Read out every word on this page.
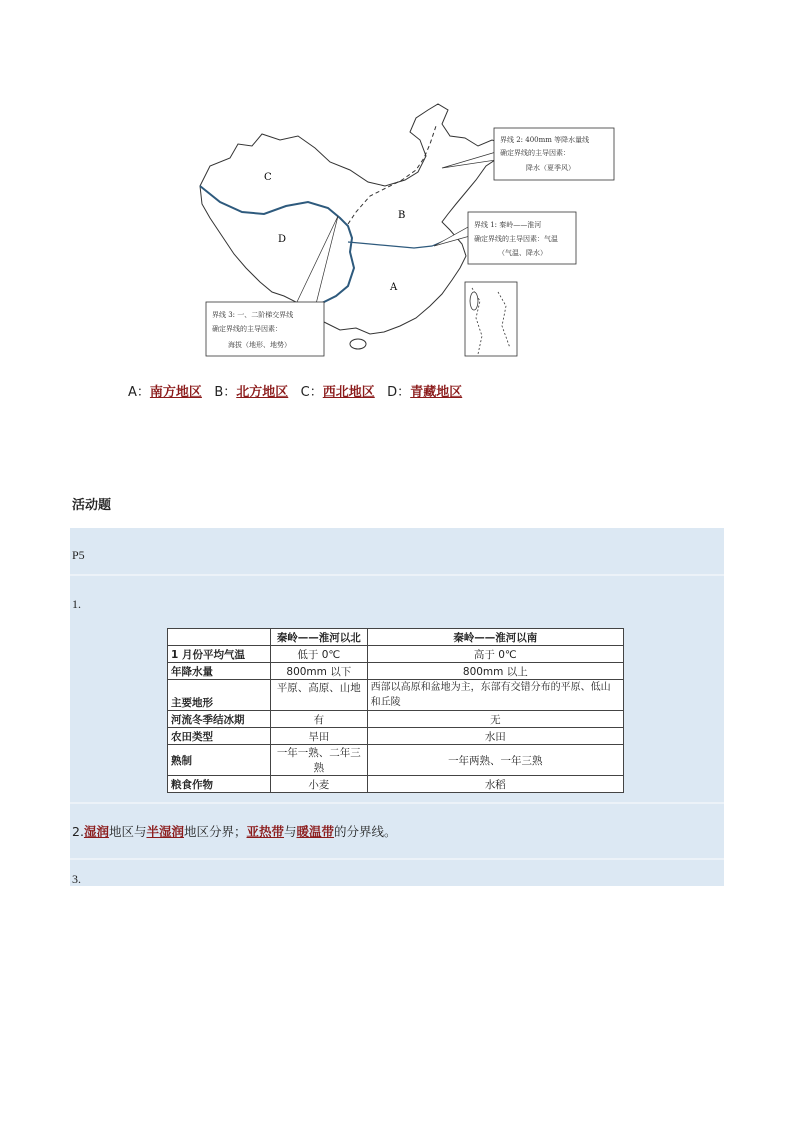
C
B
D
A
界线 2: 400mm 等降水量线
确定界线的主导因素：
降水（夏季风）
界线 1: 秦岭——淮河
确定界线的主导因素：气温
（气温、降水）
界线 3: 一、二阶梯交界线
确定界线的主导因素：
海拔（地形、地势）
A：南方地区 B：北方地区 C：西北地区 D：青藏地区
活动题
P5
1.
	秦岭——淮河以北	秦岭——淮河以南
1 月份平均气温	低于 0℃	高于 0℃
年降水量	800mm 以下	800mm 以上
主要地形	平原、高原、山地	西部以高原和盆地为主，东部有交错分布的平原、低山和丘陵
河流冬季结冰期	有	无
农田类型	旱田	水田
熟制	一年一熟、二年三熟	一年两熟、一年三熟
粮食作物	小麦	水稻
2.湿润地区与半湿润地区分界；亚热带与暖温带的分界线。
3.
